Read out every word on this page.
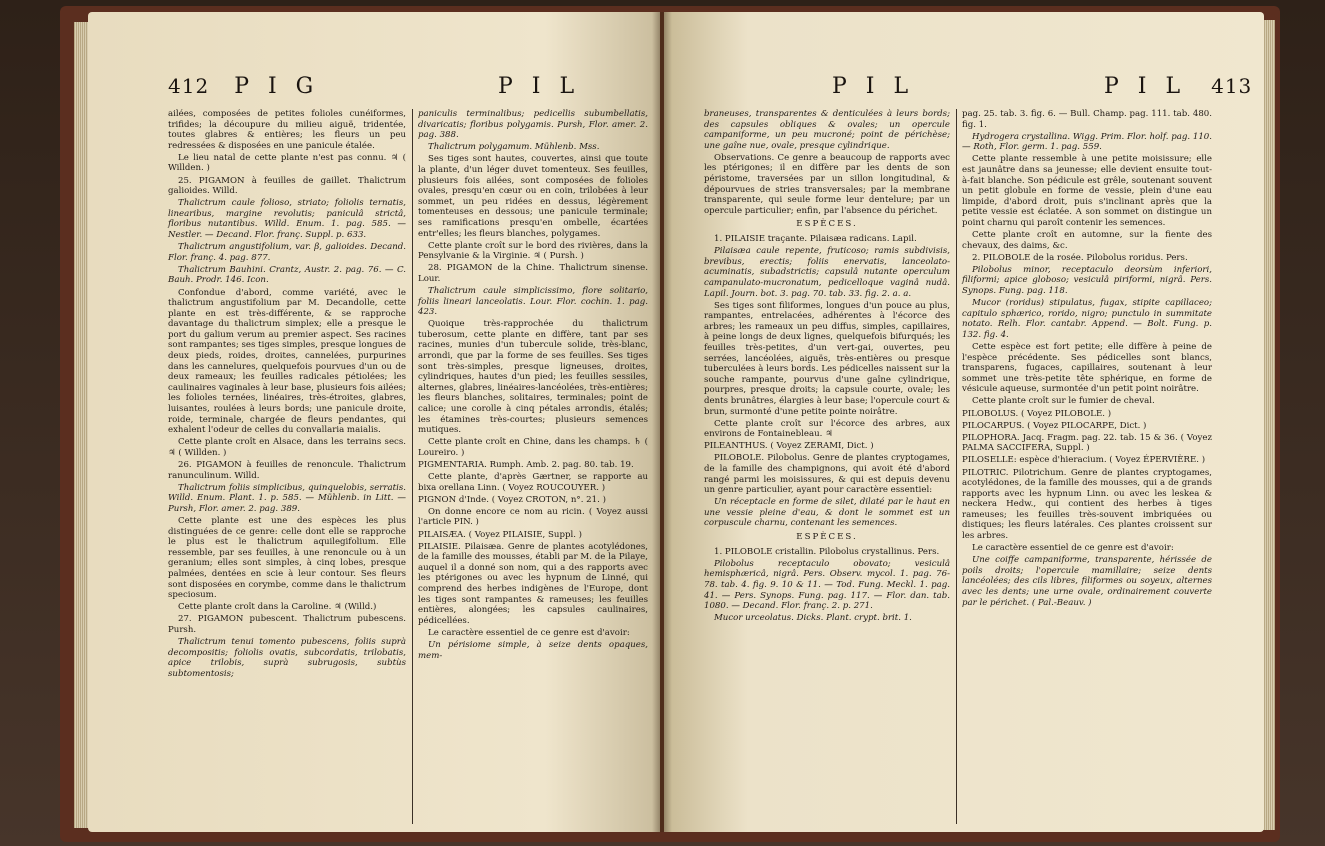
412 P I G	P I L

ailées, composées de petites folioles cunéiformes, trifides; la découpure du milieu aiguë, tridentée, toutes glabres & entières; les fleurs un peu redressées & disposées en une panicule étalée.

Le lieu natal de cette plante n'est pas connu. ♃ ( Willden. )

25. PIGAMON à feuilles de gaillet. Thalictrum galioides. Willd.

Thalictrum caule folioso, striato; foliolis ternatis, linearibus, margine revolutis; paniculâ strictâ, floribus nutantibus. Willd. Enum. 1. pag. 585. — Nestler. — Decand. Flor. franç. Suppl. p. 633.

Thalictrum angustifolium, var. β, galioides. Decand. Flor. franç. 4. pag. 877.

Thalictrum Bauhini. Crantz, Austr. 2. pag. 76. — C. Bauh. Prodr. 146. Icon.

Confondue d'abord, comme variété, avec le thalictrum angustifolium par M. Decandolle, cette plante en est très-différente, & se rapproche davantage du thalictrum simplex; elle a presque le port du galium verum au premier aspect. Ses racines sont rampantes; ses tiges simples, presque longues de deux pieds, roides, droites, cannelées, purpurines dans les cannelures, quelquefois pourvues d'un ou de deux rameaux; les feuilles radicales pétiolées; les caulinaires vaginales à leur base, plusieurs fois ailées; les folioles ternées, linéaires, très-étroites, glabres, luisantes, roulées à leurs bords; une panicule droite, roide, terminale, chargée de fleurs pendantes, qui exhalent l'odeur de celles du convallaria maialis.

Cette plante croît en Alsace, dans les terrains secs. ♃ ( Willden. )

26. PIGAMON à feuilles de renoncule. Thalictrum ranunculinum. Willd.

Thalictrum foliis simplicibus, quinquelobis, serratis. Willd. Enum. Plant. 1. p. 585. — Mühlenb. in Litt. — Pursh, Flor. amer. 2. pag. 389.

Cette plante est une des espèces les plus distinguées de ce genre: celle dont elle se rapproche le plus est le thalictrum aquilegifolium. Elle ressemble, par ses feuilles, à une renoncule ou à un geranium; elles sont simples, à cinq lobes, presque palmées, dentées en scie à leur contour. Ses fleurs sont disposées en corymbe, comme dans le thalictrum speciosum.

Cette plante croît dans la Caroline. ♃ (Willd.)

27. PIGAMON pubescent. Thalictrum pubescens. Pursh.

Thalictrum tenui tomento pubescens, foliis suprà decompositis; foliolis ovatis, subcordatis, trilobatis, apice trilobis, suprà subrugosis, subtùs subtomentosis;

paniculis terminalibus; pedicellis subumbellatis, divaricatis; floribus polygamis. Pursh, Flor. amer. 2. pag. 388.

Thalictrum polygamum. Mühlenb. Mss.

Ses tiges sont hautes, couvertes, ainsi que toute la plante, d'un léger duvet tomenteux. Ses feuilles, plusieurs fois ailées, sont composées de folioles ovales, presqu'en cœur ou en coin, trilobées à leur sommet, un peu ridées en dessus, légèrement tomenteuses en dessous; une panicule terminale; ses ramifications presqu'en ombelle, écartées entr'elles; les fleurs blanches, polygames.

Cette plante croît sur le bord des rivières, dans la Pensylvanie & la Virginie. ♃ ( Pursh. )

28. PIGAMON de la Chine. Thalictrum sinense. Lour.

Thalictrum caule simplicissimo, flore solitario, foliis lineari lanceolatis. Lour. Flor. cochin. 1. pag. 423.

Quoique très-rapprochée du thalictrum tuberosum, cette plante en diffère, tant par ses racines, munies d'un tubercule solide, très-blanc, arrondi, que par la forme de ses feuilles. Ses tiges sont très-simples, presque ligneuses, droites, cylindriques, hautes d'un pied; les feuilles sessiles, alternes, glabres, linéaires-lancéolées, très-entières; les fleurs blanches, solitaires, terminales; point de calice; une corolle à cinq pétales arrondis, étalés; les étamines très-courtes; plusieurs semences mutiques.

Cette plante croît en Chine, dans les champs. ♄ ( Loureiro. )

PIGMENTARIA. Rumph. Amb. 2. pag. 80. tab. 19.

Cette plante, d'après Gærtner, se rapporte au bixa orellana Linn. ( Voyez ROUCOUYER. )

PIGNON d'Inde. ( Voyez CROTON, n°. 21. )

On donne encore ce nom au ricin. ( Voyez aussi l'article PIN. )

PILAISÆA. ( Voyez PILAISIE, Suppl. )

PILAISIE. Pilaisæa. Genre de plantes acotylédones, de la famille des mousses, établi par M. de la Pilaye, auquel il a donné son nom, qui a des rapports avec les ptérigones ou avec les hypnum de Linné, qui comprend des herbes indigènes de l'Europe, dont les tiges sont rampantes & rameuses; les feuilles entières, alongées; les capsules caulinaires, pédicellées.

Le caractère essentiel de ce genre est d'avoir:

Un périsiome simple, à seize dents opaques, mem-

P I L	P I L 413

braneuses, transparentes & denticulées à leurs bords; des capsules obliques & ovales; un opercule campaniforme, un peu mucroné; point de périchèse; une gaîne nue, ovale, presque cylindrique.

Observations. Ce genre a beaucoup de rapports avec les ptérigones; il en diffère par les dents de son péristome, traversées par un sillon longitudinal, & dépourvues de stries transversales; par la membrane transparente, qui seule forme leur dentelure; par un opercule particulier; enfin, par l'absence du périchet.

ESPÈCES.

1. PILAISIE traçante. Pilaisæa radicans. Lapil.

Pilaisæa caule repente, fruticoso; ramis subdivisis, brevibus, erectis; foliis enervatis, lanceolato-acuminatis, subadstrictis; capsulâ nutante operculum campanulato-mucronatum, pedicelloque vaginâ nudâ. Lapil. Journ. bot. 3. pag. 70. tab. 33. fig. 2. a. a.

Ses tiges sont filiformes, longues d'un pouce au plus, rampantes, entrelacées, adhérentes à l'écorce des arbres; les rameaux un peu diffus, simples, capillaires, à peine longs de deux lignes, quelquefois bifurqués; les feuilles très-petites, d'un vert-gai, ouvertes, peu serrées, lancéolées, aiguës, très-entières ou presque tuberculées à leurs bords. Les pédicelles naissent sur la souche rampante, pourvus d'une gaîne cylindrique, pourpres, presque droits; la capsule courte, ovale; les dents brunâtres, élargies à leur base; l'opercule court & brun, surmonté d'une petite pointe noirâtre.

Cette plante croît sur l'écorce des arbres, aux environs de Fontainebleau. ♃

PILEANTHUS. ( Voyez ZERAMI, Dict. )

PILOBOLE. Pilobolus. Genre de plantes cryptogames, de la famille des champignons, qui avoit été d'abord rangé parmi les moisissures, & qui est depuis devenu un genre particulier, ayant pour caractère essentiel:

Un réceptacle en forme de silet, dilaté par le haut en une vessie pleine d'eau, & dont le sommet est un corpuscule charnu, contenant les semences.

ESPÈCES.

1. PILOBOLE cristallin. Pilobolus crystallinus. Pers.

Pilobolus receptaculo obovato; vesiculâ hemisphæricâ, nigrâ. Pers. Observ. mycol. 1. pag. 76-78. tab. 4. fig. 9. 10 & 11. — Tod. Fung. Meckl. 1. pag. 41. — Pers. Synops. Fung. pag. 117. — Flor. dan. tab. 1080. — Decand. Flor. franç. 2. p. 271.

Mucor urceolatus. Dicks. Plant. crypt. brit. 1.

pag. 25. tab. 3. fig. 6. — Bull. Champ. pag. 111. tab. 480. fig. 1.

Hydrogera crystallina. Wigg. Prim. Flor. holf. pag. 110. — Roth, Flor. germ. 1. pag. 559.

Cette plante ressemble à une petite moisissure; elle est jaunâtre dans sa jeunesse; elle devient ensuite tout-à-fait blanche. Son pédicule est grêle, soutenant souvent un petit globule en forme de vessie, plein d'une eau limpide, d'abord droit, puis s'inclinant après que la petite vessie est éclatée. A son sommet on distingue un point charnu qui paroît contenir les semences.

Cette plante croît en automne, sur la fiente des chevaux, des daims, &c.

2. PILOBOLE de la rosée. Pilobolus roridus. Pers.

Pilobolus minor, receptaculo deorsùm inferiori, filiformi; apice globoso; vesiculâ piriformi, nigrâ. Pers. Synops. Fung. pag. 118.

Mucor (roridus) stipulatus, fugax, stipite capillaceo; capitulo sphærico, rorido, nigro; punctulo in summitate notato. Relh. Flor. cantabr. Append. — Bolt. Fung. p. 132. fig. 4.

Cette espèce est fort petite; elle diffère à peine de l'espèce précédente. Ses pédicelles sont blancs, transparens, fugaces, capillaires, soutenant à leur sommet une très-petite tête sphérique, en forme de vésicule aqueuse, surmontée d'un petit point noirâtre.

Cette plante croît sur le fumier de cheval.

PILOBOLUS. ( Voyez PILOBOLE. )

PILOCARPUS. ( Voyez PILOCARPE, Dict. )

PILOPHORA. Jacq. Fragm. pag. 22. tab. 15 & 36. ( Voyez PALMA SACCIFERA, Suppl. )

PILOSELLE: espèce d'hieracium. ( Voyez ÉPERVIÈRE. )

PILOTRIC. Pilotrichum. Genre de plantes cryptogames, acotylédones, de la famille des mousses, qui a de grands rapports avec les hypnum Linn. ou avec les leskea & neckera Hedw., qui contient des herbes à tiges rameuses; les feuilles très-souvent imbriquées ou distiques; les fleurs latérales. Ces plantes croissent sur les arbres.

Le caractère essentiel de ce genre est d'avoir:

Une coiffe campaniforme, transparente, hérissée de poils droits; l'opercule mamillaire; seize dents lancéolées; des cils libres, filiformes ou soyeux, alternes avec les dents; une urne ovale, ordinairement couverte par le périchet. ( Pal.-Beauv. )
